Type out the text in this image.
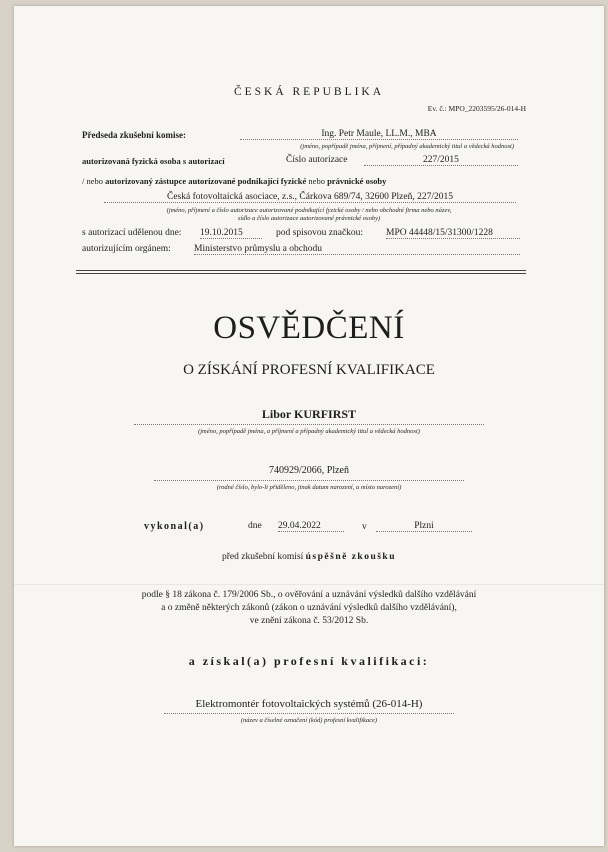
ČESKÁ REPUBLIKA
Ev. č.: MPO_2203595/26-014-H
Předseda zkušební komise:	Ing. Petr Maule, LL.M., MBA
(jméno, popřípadě jména, příjmení, případný akademický titul a vědecká hodnost)
autorizovaná fyzická osoba s autorizací	Číslo autorizace	227/2015
/ nebo autorizovaný zástupce autorizované podnikající fyzické nebo právnické osoby
Česká fotovoltaická asociace, z.s., Čárkova 689/74, 32600 Plzeň, 227/2015
(jméno, příjmení a číslo autorizace autorizované podnikající fyzické osoby / nebo obchodní firma nebo název,
sídlo a číslo autorizace autorizované právnické osoby)
s autorizací udělenou dne: 19.10.2015	pod spisovou značkou: MPO 44448/15/31300/1228
autorizujícím orgánem: Ministerstvo průmyslu a obchodu
OSVĚDČENÍ
O ZÍSKÁNÍ PROFESNÍ KVALIFIKACE
Libor KURFIRST
(jméno, popřípadě jména, a příjmení a případný akademický titul a vědecká hodnost)
740929/2066, Plzeň
(rodné číslo, bylo-li přiděleno, jinak datum narození, a místo narození)
vykonal(a)	dne 29.04.2022	v	Plzni
před zkušební komisí úspěšně zkoušku
podle § 18 zákona č. 179/2006 Sb., o ověřování a uznávání výsledků dalšího vzdělávání
a o změně některých zákonů (zákon o uznávání výsledků dalšího vzdělávání),
ve znění zákona č. 53/2012 Sb.
a získal(a) profesní kvalifikaci:
Elektromontér fotovoltaických systémů (26-014-H)
(název a číselné označení (kód) profesní kvalifikace)
